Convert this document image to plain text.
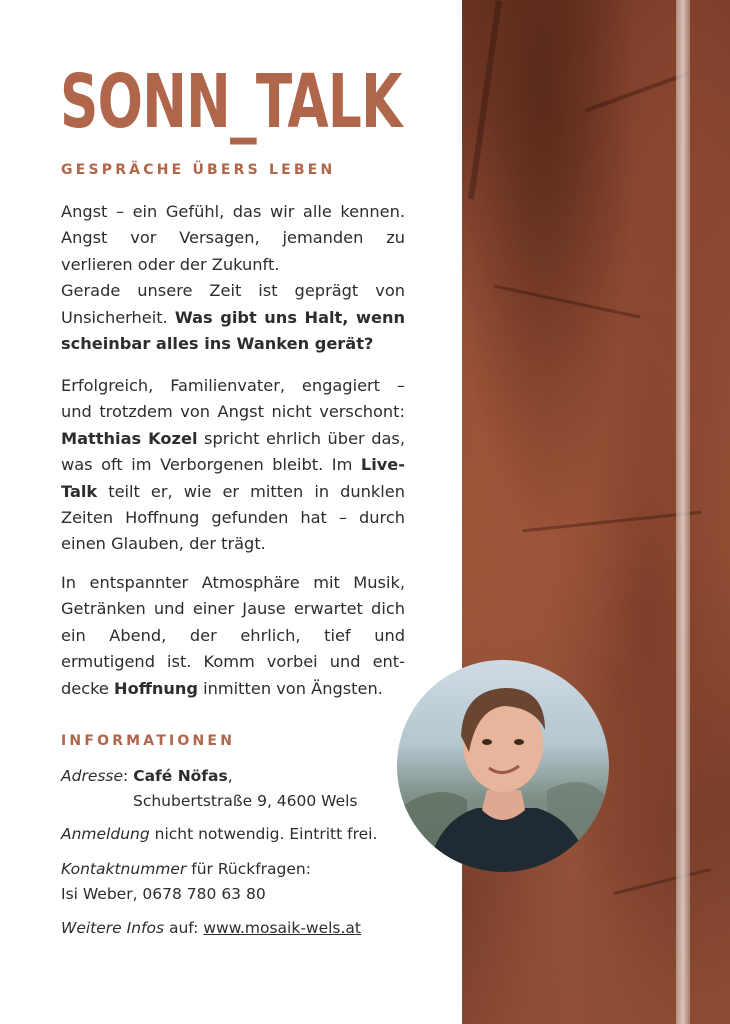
SONN_TALK
GESPRÄCHE ÜBERS LEBEN
Angst – ein Gefühl, das wir alle kennen. Angst vor Versagen, jemanden zu verlieren oder der Zukunft.
Gerade unsere Zeit ist geprägt von Unsicherheit. Was gibt uns Halt, wenn scheinbar alles ins Wanken gerät?
Erfolgreich, Familienvater, engagiert – und trotzdem von Angst nicht verschont: Matthias Kozel spricht ehrlich über das, was oft im Verborgenen bleibt. Im Live-Talk teilt er, wie er mitten in dunklen Zeiten Hoffnung gefunden hat – durch einen Glauben, der trägt.
In entspannter Atmosphäre mit Musik, Getränken und einer Jause erwartet dich ein Abend, der ehrlich, tief und ermutigend ist. Komm vorbei und entdecke Hoffnung inmitten von Ängsten.
INFORMATIONEN
Adresse: Café Nöfas,
Schubertstraße 9, 4600 Wels
Anmeldung nicht notwendig. Eintritt frei.
Kontaktnummer für Rückfragen:
Isi Weber, 0678 780 63 80
Weitere Infos auf: www.mosaik-wels.at
